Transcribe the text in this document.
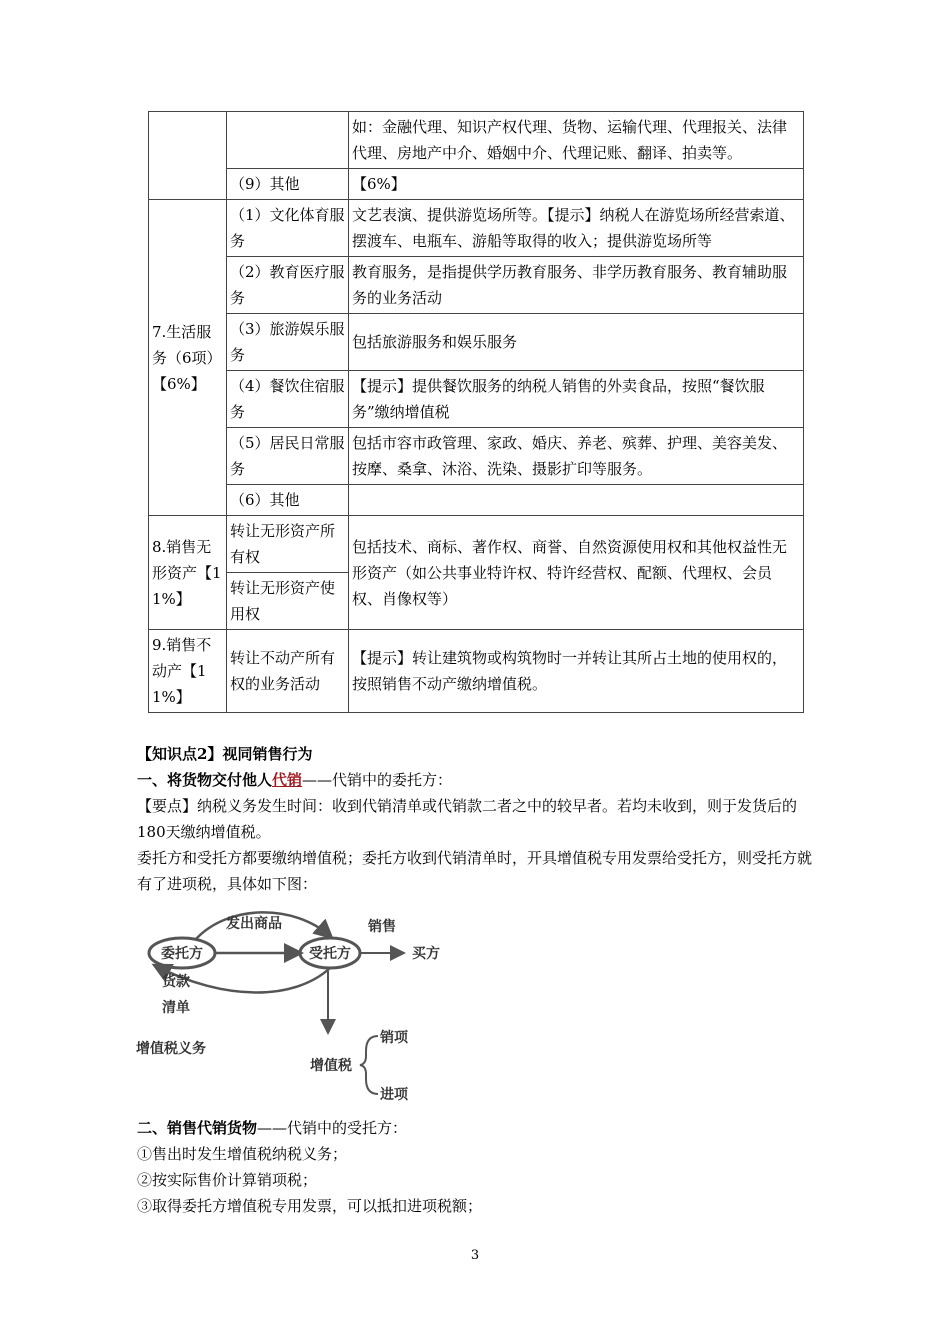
		如：金融代理、知识产权代理、货物、运输代理、代理报关、法律代理、房地产中介、婚姻中介、代理记账、翻译、拍卖等。
	（9）其他	【6%】
7.生活服务（6项）【6%】	（1）文化体育服务	文艺表演、提供游览场所等。【提示】纳税人在游览场所经营索道、摆渡车、电瓶车、游船等取得的收入；提供游览场所等
	（2）教育医疗服务	教育服务，是指提供学历教育服务、非学历教育服务、教育辅助服务的业务活动
	（3）旅游娱乐服务	包括旅游服务和娱乐服务
	（4）餐饮住宿服务	【提示】提供餐饮服务的纳税人销售的外卖食品，按照“餐饮服务”缴纳增值税
	（5）居民日常服务	包括市容市政管理、家政、婚庆、养老、殡葬、护理、美容美发、按摩、桑拿、沐浴、洗染、摄影扩印等服务。
	（6）其他	
8.销售无形资产【11%】	转让无形资产所有权	包括技术、商标、著作权、商誉、自然资源使用权和其他权益性无形资产（如公共事业特许权、特许经营权、配额、代理权、会员权、肖像权等）
	转让无形资产使用权	
9.销售不动产【11%】	转让不动产所有权的业务活动	【提示】转让建筑物或构筑物时一并转让其所占土地的使用权的，按照销售不动产缴纳增值税。
【知识点2】视同销售行为
一、将货物交付他人代销——代销中的委托方：
【要点】纳税义务发生时间：收到代销清单或代销款二者之中的较早者。若均未收到，则于发货后的180天缴纳增值税。
委托方和受托方都要缴纳增值税；委托方收到代销清单时，开具增值税专用发票给受托方，则受托方就有了进项税，具体如下图：
委托方	受托方
发出商品
货款
清单
销售
买方
增值税义务
增值税
销项
进项
二、销售代销货物——代销中的受托方：
①售出时发生增值税纳税义务；
②按实际售价计算销项税；
③取得委托方增值税专用发票，可以抵扣进项税额；
3
